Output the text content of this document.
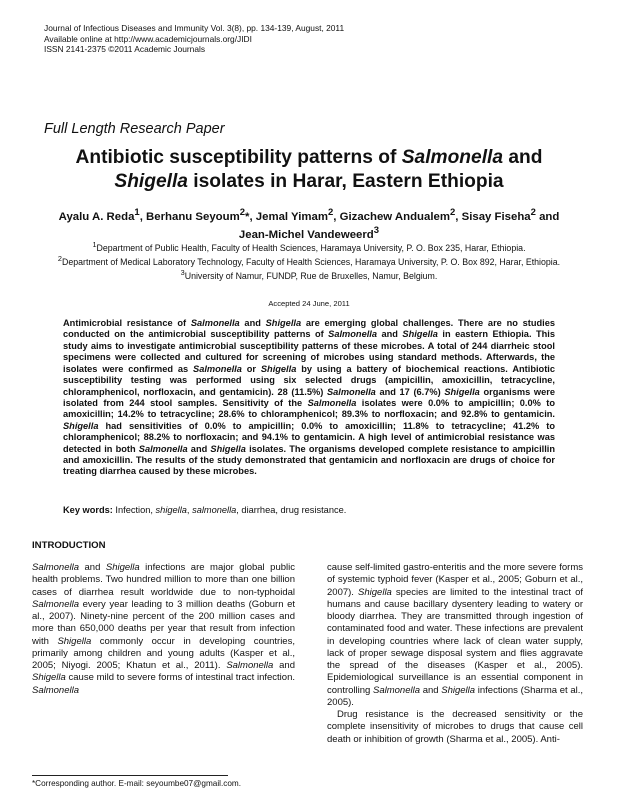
Journal of Infectious Diseases and Immunity Vol. 3(8), pp. 134-139, August, 2011
Available online at http://www.academicjournals.org/JIDI
ISSN 2141-2375 ©2011 Academic Journals
Full Length Research Paper
Antibiotic susceptibility patterns of Salmonella and
Shigella isolates in Harar, Eastern Ethiopia
Ayalu A. Reda$^1$, Berhanu Seyoum$^2$*, Jemal Yimam$^2$, Gizachew Andualem$^2$, Sisay Fiseha$^2$ and
Jean-Michel Vandeweerd$^3$
$^1$Department of Public Health, Faculty of Health Sciences, Haramaya University, P. O. Box 235, Harar, Ethiopia.
$^2$Department of Medical Laboratory Technology, Faculty of Health Sciences, Haramaya University, P. O. Box 892, Harar, Ethiopia.
$^3$University of Namur, FUNDP, Rue de Bruxelles, Namur, Belgium.
Accepted 24 June, 2011
Antimicrobial resistance of Salmonella and Shigella are emerging global challenges. There are no studies conducted on the antimicrobial susceptibility patterns of Salmonella and Shigella in eastern Ethiopia. This study aims to investigate antimicrobial susceptibility patterns of these microbes. A total of 244 diarrheic stool specimens were collected and cultured for screening of microbes using standard methods. Afterwards, the isolates were confirmed as Salmonella or Shigella by using a battery of biochemical reactions. Antibiotic susceptibility testing was performed using six selected drugs (ampicillin, amoxicillin, tetracycline, chloramphenicol, norfloxacin, and gentamicin). 28 (11.5%) Salmonella and 17 (6.7%) Shigella organisms were isolated from 244 stool samples. Sensitivity of the Salmonella isolates were 0.0% to ampicillin; 0.0% to amoxicillin; 14.2% to tetracycline; 28.6% to chloramphenicol; 89.3% to norfloxacin; and 92.8% to gentamicin. Shigella had sensitivities of 0.0% to ampicillin; 0.0% to amoxicillin; 11.8% to tetracycline; 41.2% to chloramphenicol; 88.2% to norfloxacin; and 94.1% to gentamicin. A high level of antimicrobial resistance was detected in both Salmonella and Shigella isolates. The organisms developed complete resistance to ampicillin and amoxicillin. The results of the study demonstrated that gentamicin and norfloxacin are drugs of choice for treating diarrhea caused by these microbes.
Key words: Infection, shigella, salmonella, diarrhea, drug resistance.
INTRODUCTION

Salmonella and Shigella infections are major global public health problems. Two hundred million to more than one billion cases of diarrhea result worldwide due to non-typhoidal Salmonella every year leading to 3 million deaths (Goburn et al., 2007). Ninety-nine percent of the 200 million cases and more than 650,000 deaths per year that result from infection with Shigella commonly occur in developing countries, primarily among children and young adults (Kasper et al., 2005; Niyogi. 2005; Khatun et al., 2011). Salmonella and Shigella cause mild to severe forms of intestinal tract infection. Salmonella

cause self-limited gastro-enteritis and the more severe forms of systemic typhoid fever (Kasper et al., 2005; Goburn et al., 2007). Shigella species are limited to the intestinal tract of humans and cause bacillary dysentery leading to watery or bloody diarrhea. They are transmitted through ingestion of contaminated food and water. These infections are prevalent in developing countries where lack of clean water supply, lack of proper sewage disposal system and flies aggravate the spread of the diseases (Kasper et al., 2005). Epidemiological surveillance is an essential component in controlling Salmonella and Shigella infections (Sharma et al., 2005).

Drug resistance is the decreased sensitivity or the complete insensitivity of microbes to drugs that cause cell death or inhibition of growth (Sharma et al., 2005). Anti-

*Corresponding author. E-mail: seyoumbe07@gmail.com.
